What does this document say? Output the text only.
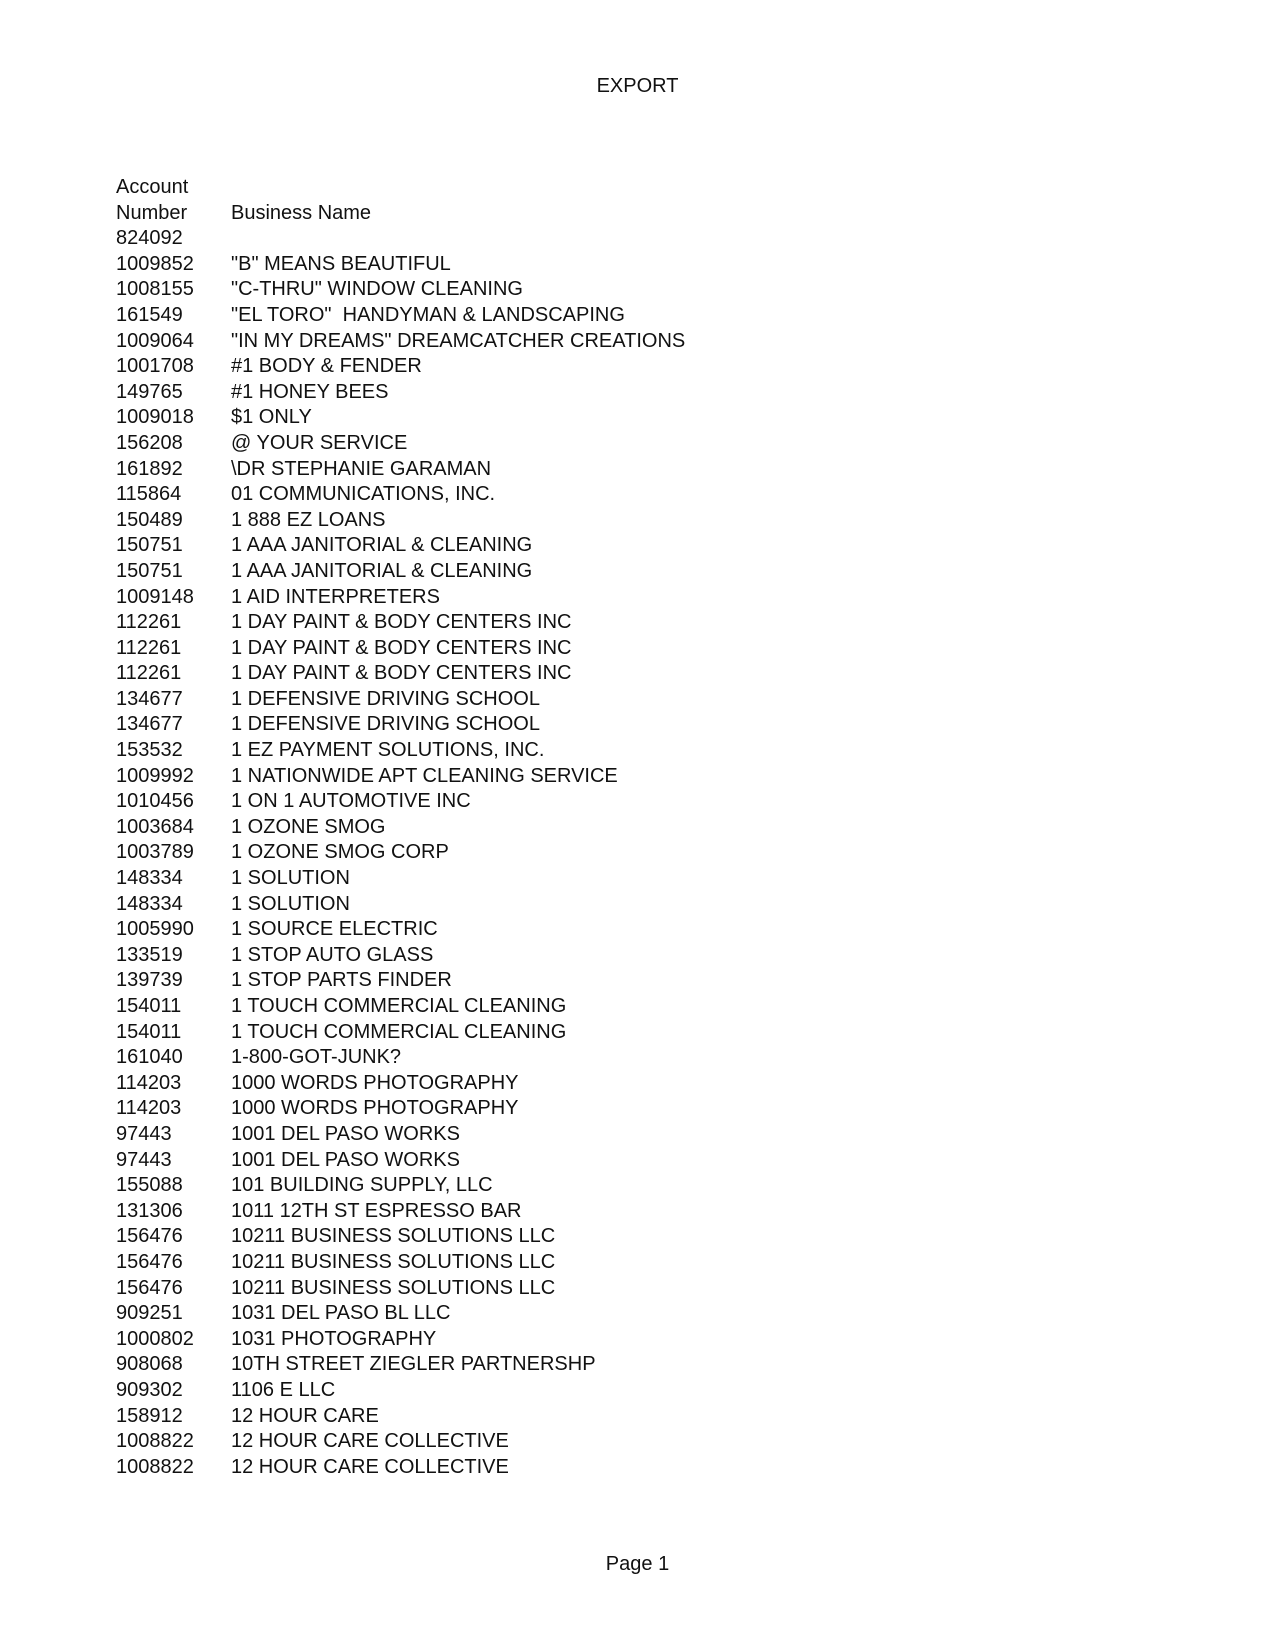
EXPORT
Account
Number	Business Name
824092
1009852	"B" MEANS BEAUTIFUL
1008155	"C-THRU" WINDOW CLEANING
161549	"EL TORO"  HANDYMAN & LANDSCAPING
1009064	"IN MY DREAMS" DREAMCATCHER CREATIONS
1001708	#1 BODY & FENDER
149765	#1 HONEY BEES
1009018	$1 ONLY
156208	@ YOUR SERVICE
161892	\DR STEPHANIE GARAMAN
115864	01 COMMUNICATIONS, INC.
150489	1 888 EZ LOANS
150751	1 AAA JANITORIAL & CLEANING
150751	1 AAA JANITORIAL & CLEANING
1009148	1 AID INTERPRETERS
112261	1 DAY PAINT & BODY CENTERS INC
112261	1 DAY PAINT & BODY CENTERS INC
112261	1 DAY PAINT & BODY CENTERS INC
134677	1 DEFENSIVE DRIVING SCHOOL
134677	1 DEFENSIVE DRIVING SCHOOL
153532	1 EZ PAYMENT SOLUTIONS, INC.
1009992	1 NATIONWIDE APT CLEANING SERVICE
1010456	1 ON 1 AUTOMOTIVE INC
1003684	1 OZONE SMOG
1003789	1 OZONE SMOG CORP
148334	1 SOLUTION
148334	1 SOLUTION
1005990	1 SOURCE ELECTRIC
133519	1 STOP AUTO GLASS
139739	1 STOP PARTS FINDER
154011	1 TOUCH COMMERCIAL CLEANING
154011	1 TOUCH COMMERCIAL CLEANING
161040	1-800-GOT-JUNK?
114203	1000 WORDS PHOTOGRAPHY
114203	1000 WORDS PHOTOGRAPHY
97443	1001 DEL PASO WORKS
97443	1001 DEL PASO WORKS
155088	101 BUILDING SUPPLY, LLC
131306	1011 12TH ST ESPRESSO BAR
156476	10211 BUSINESS SOLUTIONS LLC
156476	10211 BUSINESS SOLUTIONS LLC
156476	10211 BUSINESS SOLUTIONS LLC
909251	1031 DEL PASO BL LLC
1000802	1031 PHOTOGRAPHY
908068	10TH STREET ZIEGLER PARTNERSHP
909302	1106 E LLC
158912	12 HOUR CARE
1008822	12 HOUR CARE COLLECTIVE
1008822	12 HOUR CARE COLLECTIVE
Page 1
